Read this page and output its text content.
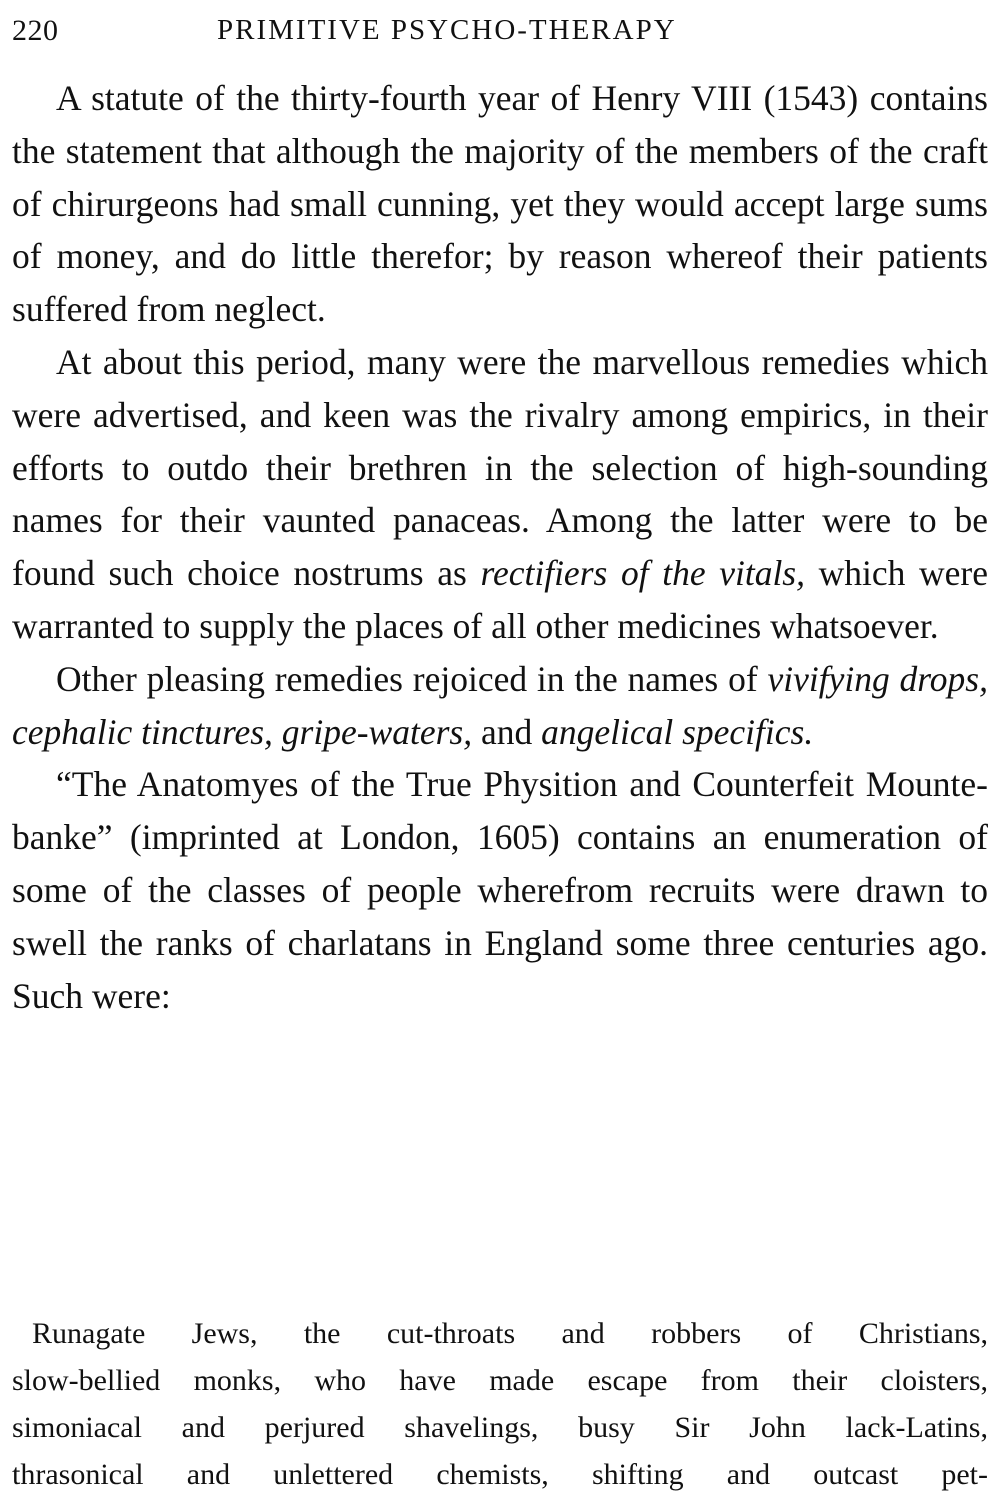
220	PRIMITIVE PSYCHO-THERAPY

A statute of the thirty-fourth year of Henry VIII (1543) contains the statement that although the majority of the members of the craft of chirurgeons had small cunning, yet they would accept large sums of money, and do little therefor; by reason whereof their patients suffered from neglect.

At about this period, many were the marvellous remedies which were advertised, and keen was the rivalry among empirics, in their efforts to outdo their brethren in the selection of high-sounding names for their vaunted panaceas. Among the latter were to be found such choice nostrums as rectifiers of the vitals, which were warranted to supply the places of all other medicines whatsoever.

Other pleasing remedies rejoiced in the names of vivifying drops, cephalic tinctures, gripe-waters, and angelical specifics.

“The Anatomyes of the True Physition and Counterfeit Mounte-banke” (imprinted at London, 1605) contains an enumeration of some of the classes of people wherefrom recruits were drawn to swell the ranks of charlatans in England some three centuries ago. Such were:

Runagate Jews, the cut-throats and robbers of Christians,

slow-bellied monks, who have made escape from their cloisters,

simoniacal and perjured shavelings, busy Sir John lack-Latins,

thrasonical and unlettered chemists, shifting and outcast pet-
